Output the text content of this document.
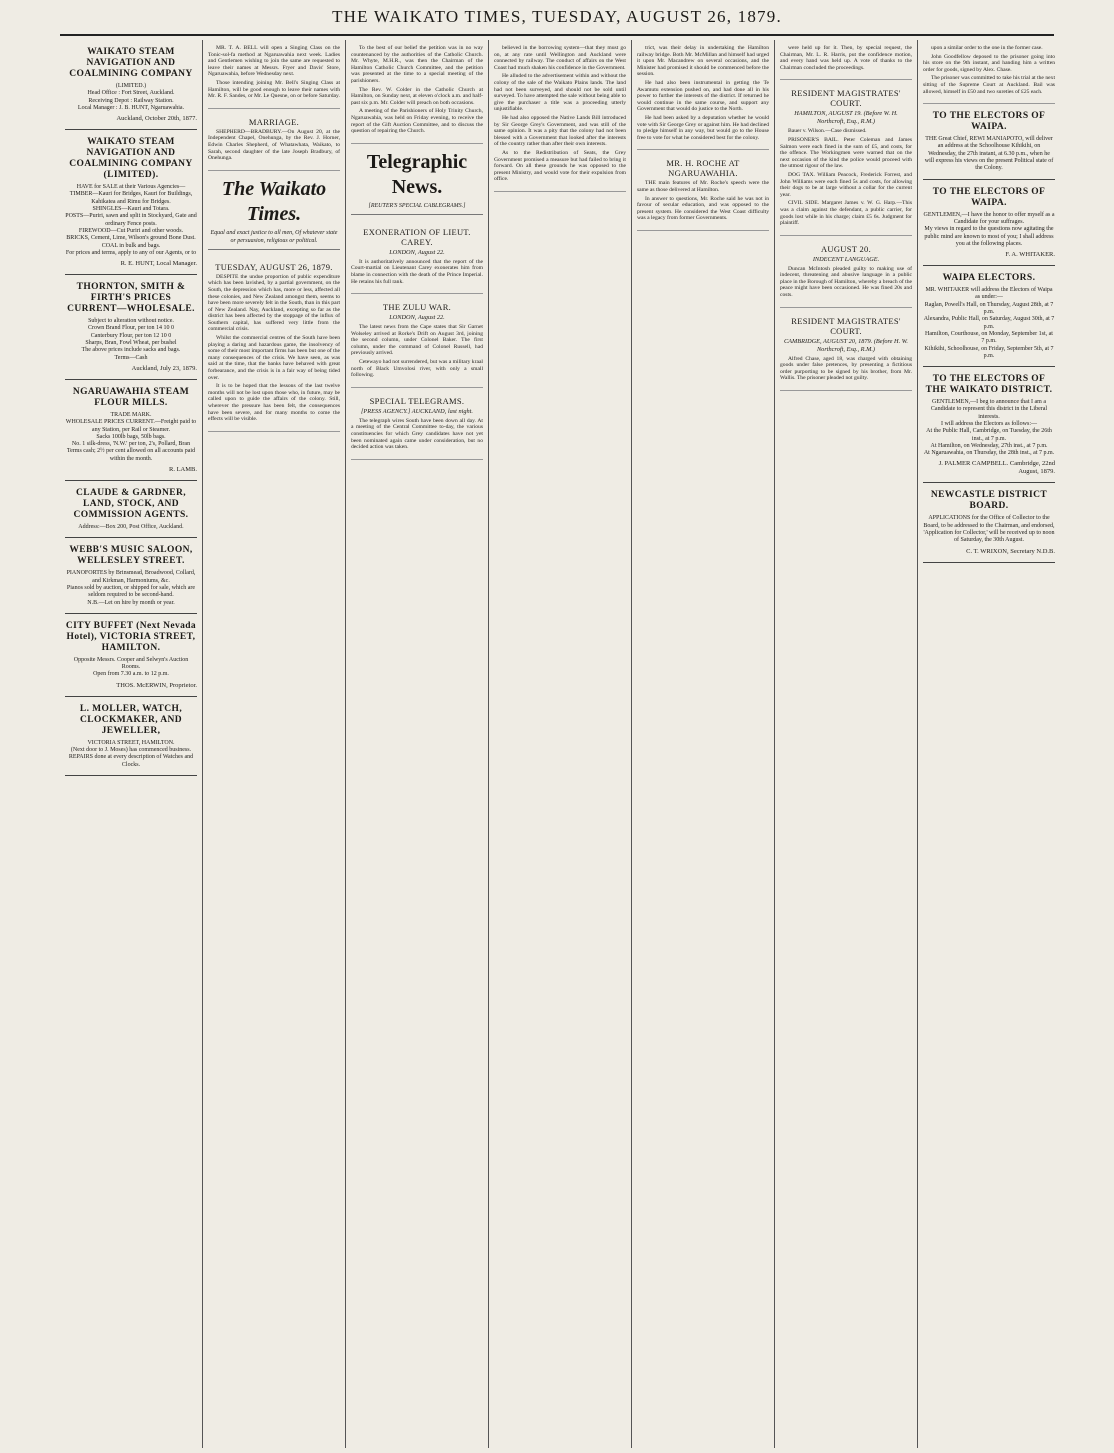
THE WAIKATO TIMES, TUESDAY, AUGUST 26, 1879.
WAIKATO STEAM NAVIGATION AND COALMINING COMPANY
(LIMITED.)
Head Office : Fort Street, Auckland.
Receiving Depot : Railway Station.
Local Manager : J. B. HUNT, Ngaruawahia.
Auckland, October 20th, 1877.
WAIKATO STEAM NAVIGATION AND COALMINING COMPANY (LIMITED).
HAVE for SALE at their Various Agencies—
TIMBER—Kauri for Bridges, Kauri for Buildings, Kahikatea and Rimu for Bridges.
SHINGLES—Kauri and Totara.
POSTS—Puriri, sawn and split in Stockyard, Gate and ordinary Fence posts.
FIREWOOD—Cut Puriri and other woods.
BRICKS, Cement, Lime, Wilson's ground Bone Dust.
COAL in bulk and bags.
For prices and terms, apply to any of our Agents, or to
R. E. HUNT, Local Manager.
THORNTON, SMITH & FIRTH'S PRICES CURRENT—WHOLESALE.
Subject to alteration without notice.
Crown Brand Flour, per ton 14 10 0
Canterbury Flour, per ton 12 10 0
Sharps, Bran, Fowl Wheat, per bushel
The above prices include sacks and bags.
Terms—Cash
Auckland, July 23, 1879.
NGARUAWAHIA STEAM FLOUR MILLS.
TRADE MARK.
WHOLESALE PRICES CURRENT.—Freight paid to any Station, per Rail or Steamer.
Sacks 100lb bags, 50lb bags.
No. 1 silk-dress, 'N.W.' per ton, 2's, Pollard, Bran
Terms cash; 2½ per cent allowed on all accounts paid within the month.
R. LAMB.
CLAUDE & GARDNER, LAND, STOCK, AND COMMISSION AGENTS.
Address:—Box 200, Post Office, Auckland.
WEBB'S MUSIC SALOON, WELLESLEY STREET.
PIANOFORTES by Brinsmead, Broadwood, Collard, and Kirkman, Harmoniums, &c.
Pianos sold by auction, or shipped for sale, which are seldom required to be second-hand.
N.B.—Let on hire by month or year.
CITY BUFFET (Next Nevada Hotel), VICTORIA STREET, HAMILTON.
Opposite Messrs. Cooper and Selwyn's Auction Rooms.
Open from 7.30 a.m. to 12 p.m.
THOS. McERWIN, Proprietor.
L. MOLLER, WATCH, CLOCKMAKER, AND JEWELLER,
VICTORIA STREET, HAMILTON.
(Next door to J. Moses) has commenced business.
REPAIRS done at every description of Watches and Clocks.

MR. T. A. BELL will open a Singing Class on the Tonic-sol-fa method at Ngaruawahia next week. Ladies and Gentlemen wishing to join the same are requested to leave their names at Messrs. Fryer and Davis' Store, Ngaruawahia, before Wednesday next.

Those intending joining Mr. Bell's Singing Class at Hamilton, will be good enough to leave their names with Mr. R. F. Sandes, or Mr. Le Quesne, on or before Saturday.

MARRIAGE.

SHEPHERD—BRADBURY.—On August 20, at the Independent Chapel, Onehunga, by the Rev. J. Horner, Edwin Charles Shepherd, of Whatawhata, Waikato, to Sarah, second daughter of the late Joseph Bradbury, of Onehunga.

The Waikato Times.
Equal and exact justice to all men, Of whatever state or persuasion, religious or political.
TUESDAY, AUGUST 26, 1879.

DESPITE the undue proportion of public expenditure which has been lavished, by a partial government, on the South, the depression which has, more or less, affected all these colonies, and New Zealand amongst them, seems to have been more severely felt in the South, than in this part of New Zealand. Nay, Auckland, excepting so far as the district has been affected by the stoppage of the influx of Southern capital, has suffered very little from the commercial crisis.

Whilst the commercial centres of the South have been playing a daring and hazardous game, the insolvency of some of their most important firms has been but one of the many consequences of the crisis. We have seen, as was said at the time, that the banks have behaved with great forbearance, and the crisis is in a fair way of being tided over.

It is to be hoped that the lessons of the last twelve months will not be lost upon those who, in future, may be called upon to guide the affairs of the colony. Still, wherever the pressure has been felt, the consequences have been severe, and for many months to come the effects will be visible.

To the best of our belief the petition was in no way countenanced by the authorities of the Catholic Church. Mr. Whyte, M.H.R., was then the Chairman of the Hamilton Catholic Church Committee, and the petition was presented at the time to a special meeting of the parishioners.

The Rev. W. Colder in the Catholic Church at Hamilton, on Sunday next, at eleven o'clock a.m. and half-past six p.m. Mr. Colder will preach on both occasions.

A meeting of the Parishioners of Holy Trinity Church, Ngaruawahia, was held on Friday evening, to receive the report of the Gift Auction Committee, and to discuss the question of repairing the Church.

Telegraphic News.
[REUTER'S SPECIAL CABLEGRAMS.]
EXONERATION OF LIEUT. CAREY.
LONDON, August 22.

It is authoritatively announced that the report of the Court-martial on Lieutenant Carey exonerates him from blame in connection with the death of the Prince Imperial. He retains his full rank.

THE ZULU WAR.
LONDON, August 22.

The latest news from the Cape states that Sir Garnet Wolseley arrived at Rorke's Drift on August 3rd, joining the second column, under Colonel Baker. The first column, under the command of Colonel Russell, had previously arrived.

Cetewayo had not surrendered, but was a military kraal north of Black Umvolosi river, with only a small following.

SPECIAL TELEGRAMS.
[PRESS AGENCY.] AUCKLAND, last night.

The telegraph wires South have been down all day. At a meeting of the Central Committee to-day, the various constituencies for which Grey candidates have not yet been nominated again came under consideration, but no decided action was taken.

believed in the borrowing system—that they must go on, at any rate until Wellington and Auckland were connected by railway. The conduct of affairs on the West Coast had much shaken his confidence in the Government.

He alluded to the advertisement within and without the colony of the sale of the Waikato Plains lands. The land had not been surveyed, and should not be sold until surveyed. To have attempted the sale without being able to give the purchaser a title was a proceeding utterly unjustifiable.

He had also opposed the Native Lands Bill introduced by Sir George Grey's Government, and was still of the same opinion. It was a pity that the colony had not been blessed with a Government that looked after the interests of the country rather than after their own interests.

As to the Redistribution of Seats, the Grey Government promised a measure but had failed to bring it forward. On all these grounds he was opposed to the present Ministry, and would vote for their expulsion from office.

trict, was their delay in undertaking the Hamilton railway bridge. Both Mr. McMillan and himself had urged it upon Mr. Macandrew on several occasions, and the Minister had promised it should be commenced before the session.

He had also been instrumental in getting the Te Awamutu extension pushed on, and had done all in his power to further the interests of the district. If returned he would continue in the same course, and support any Government that would do justice to the North.

He had been asked by a deputation whether he would vote with Sir George Grey or against him. He had declined to pledge himself in any way, but would go to the House free to vote for what he considered best for the colony.

MR. H. ROCHE AT NGARUAWAHIA.

THE main features of Mr. Roche's speech were the same as those delivered at Hamilton.

In answer to questions, Mr. Roche said he was not in favour of secular education, and was opposed to the present system. He considered the West Coast difficulty was a legacy from former Governments.

were held up for it. Then, by special request, the Chairman, Mr. L. R. Harris, put the confidence motion, and every hand was held up. A vote of thanks to the Chairman concluded the proceedings.

RESIDENT MAGISTRATES' COURT.
HAMILTON, AUGUST 19. (Before W. H. Northcroft, Esq., R.M.)

Bauer v. Wilson.—Case dismissed.

PRISONER'S BAIL. Peter Coleman and James Salmon were each fined in the sum of £5, and costs, for the offence. The Workingmen were warned that on the next occasion of the kind the police would proceed with the utmost rigour of the law.

DOG TAX. William Peacock, Frederick Forrest, and John Williams were each fined 5s and costs, for allowing their dogs to be at large without a collar for the current year.

CIVIL SIDE. Margaret James v. W. G. Harp.—This was a claim against the defendant, a public carrier, for goods lost while in his charge; claim £5 6s. Judgment for plaintiff.

AUGUST 20.
INDECENT LANGUAGE.

Duncan McIntosh pleaded guilty to making use of indecent, threatening and abusive language in a public place in the Borough of Hamilton, whereby a breach of the peace might have been occasioned. He was fined 20s and costs.

RESIDENT MAGISTRATES' COURT.
CAMBRIDGE, AUGUST 20, 1879. (Before H. W. Northcroft, Esq., R.M.)

Alfred Chase, aged 18, was charged with obtaining goods under false pretences, by presenting a fictitious order purporting to be signed by his brother, from Mr. Wallis. The prisoner pleaded not guilty.

upon a similar order to the one in the former case.

John Goodfellow deposed to the prisoner going into his store on the 9th instant, and handing him a written order for goods, signed by Alex. Chase.

The prisoner was committed to take his trial at the next sitting of the Supreme Court at Auckland. Bail was allowed, himself in £50 and two sureties of £25 each.

TO THE ELECTORS OF WAIPA.
THE Great Chief, REWI MANIAPOTO, will deliver an address at the Schoolhouse Kihikihi, on Wednesday, the 27th instant, at 6.30 p.m., when he will express his views on the present Political state of the Colony.
TO THE ELECTORS OF WAIPA.
GENTLEMEN,—I have the honor to offer myself as a Candidate for your suffrages.
My views in regard to the questions now agitating the public mind are known to most of you; I shall address you at the following places.
F. A. WHITAKER.
WAIPA ELECTORS.
MR. WHITAKER will address the Electors of Waipa as under:—
Raglan, Powell's Hall, on Thursday, August 28th, at 7 p.m.
Alexandra, Public Hall, on Saturday, August 30th, at 7 p.m.
Hamilton, Courthouse, on Monday, September 1st, at 7 p.m.
Kihikihi, Schoolhouse, on Friday, September 5th, at 7 p.m.
TO THE ELECTORS OF THE WAIKATO DISTRICT.
GENTLEMEN,—I beg to announce that I am a Candidate to represent this district in the Liberal interests.
I will address the Electors as follows:—
At the Public Hall, Cambridge, on Tuesday, the 26th inst., at 7 p.m.
At Hamilton, on Wednesday, 27th inst., at 7 p.m.
At Ngaruawahia, on Thursday, the 28th inst., at 7 p.m.
J. PALMER CAMPBELL. Cambridge, 22nd August, 1879.
NEWCASTLE DISTRICT BOARD.
APPLICATIONS for the Office of Collector to the Board, to be addressed to the Chairman, and endorsed, 'Application for Collector,' will be received up to noon of Saturday, the 30th August.
C. T. WRIXON, Secretary N.D.B.
